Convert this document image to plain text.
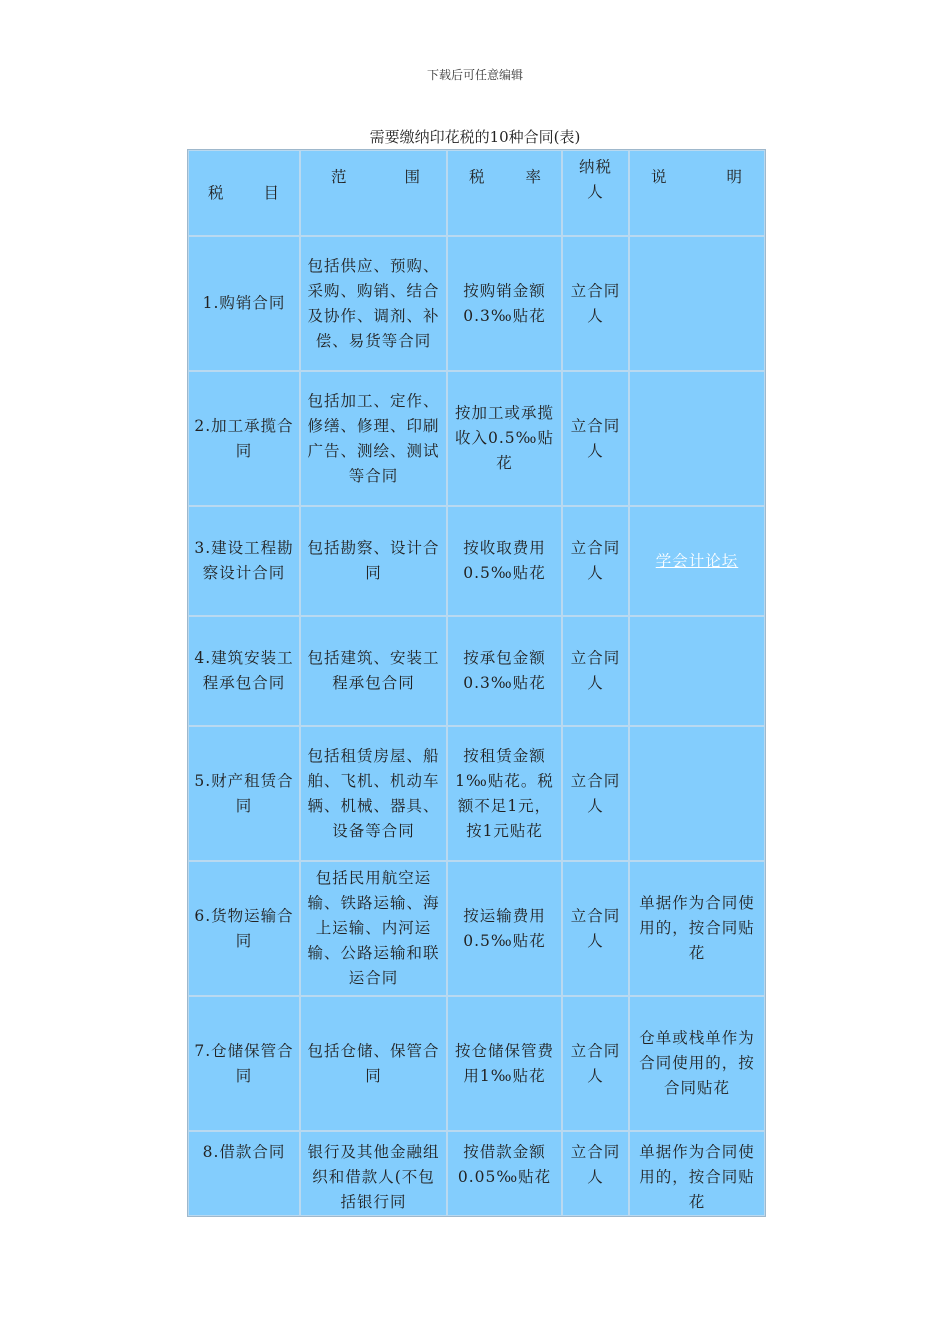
下载后可任意编辑
需要缴纳印花税的10种合同(表)
税 目	范 围	税 率	纳税人	说 明

1.购销合同	包括供应、预购、采购、购销、结合及协作、调剂、补偿、易货等合同	按购销金额0.3‰贴花	立合同人	
2.加工承揽合同	包括加工、定作、修缮、修理、印刷广告、测绘、测试等合同	按加工或承揽收入0.5‰贴花	立合同人	
3.建设工程勘察设计合同	包括勘察、设计合同	按收取费用0.5‰贴花	立合同人	学会计论坛
4.建筑安装工程承包合同	包括建筑、安装工程承包合同	按承包金额0.3‰贴花	立合同人	
5.财产租赁合同	包括租赁房屋、船舶、飞机、机动车辆、机械、器具、设备等合同	按租赁金额1‰贴花。税额不足1元，按1元贴花	立合同人	
6.货物运输合同	包括民用航空运输、铁路运输、海上运输、内河运输、公路运输和联运合同	按运输费用0.5‰贴花	立合同人	单据作为合同使用的，按合同贴花
7.仓储保管合同	包括仓储、保管合同	按仓储保管费用1‰贴花	立合同人	仓单或栈单作为合同使用的，按合同贴花
8.借款合同	银行及其他金融组织和借款人(不包括银行同	按借款金额0.05‰贴花	立合同人	单据作为合同使用的，按合同贴花
